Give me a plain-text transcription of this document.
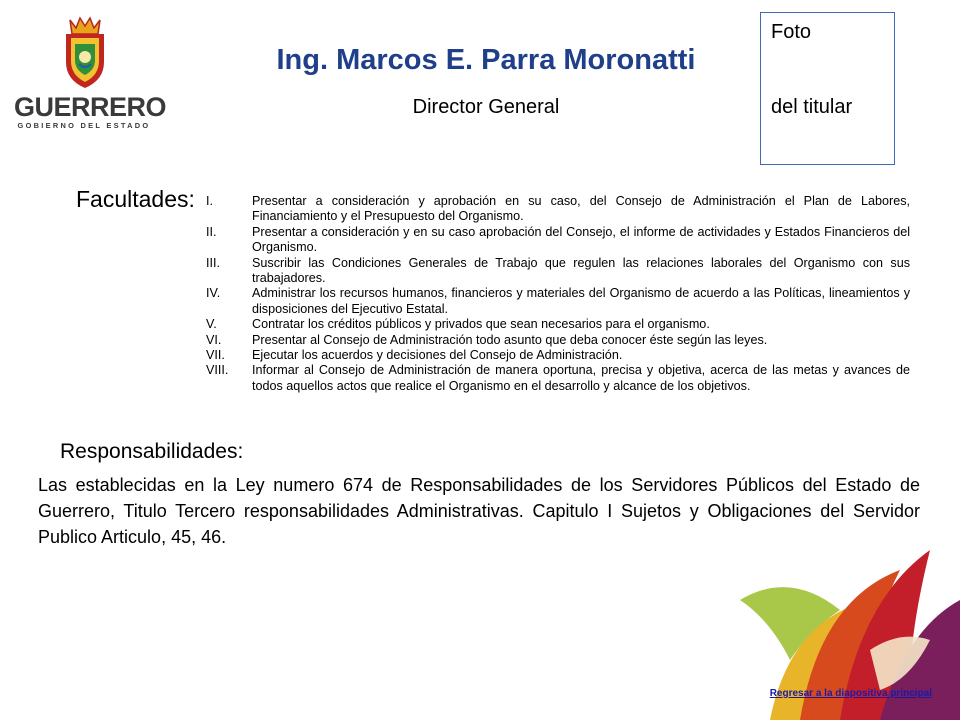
GUERRERO
GOBIERNO DEL ESTADO
Ing. Marcos E. Parra Moronatti
Director General
Foto
del titular
Facultades: I.	Presentar a consideración y aprobación en su caso, del Consejo de Administración el Plan de Labores, Financiamiento y el Presupuesto del Organismo.
II.	Presentar a consideración y en su caso aprobación del Consejo, el informe de actividades y Estados Financieros del Organismo.
III.	Suscribir las Condiciones Generales de Trabajo que regulen las relaciones laborales del Organismo con sus trabajadores.
IV.	Administrar los recursos humanos, financieros y materiales del Organismo de acuerdo a las Políticas, lineamientos y disposiciones del Ejecutivo Estatal.
V.	Contratar los créditos públicos y privados que sean necesarios para el organismo.
VI.	Presentar al Consejo de Administración todo asunto que deba conocer éste según las leyes.
VII.	Ejecutar los acuerdos y decisiones del Consejo de Administración.
VIII.	Informar al Consejo de Administración de manera oportuna, precisa y objetiva, acerca de las metas y avances de todos aquellos actos que realice el Organismo en el desarrollo y alcance de los objetivos.
Responsabilidades:
Las establecidas en la Ley numero 674 de Responsabilidades de los Servidores Públicos del Estado de Guerrero, Titulo Tercero responsabilidades Administrativas. Capitulo I Sujetos y Obligaciones del Servidor Publico Articulo, 45, 46.
Regresar a la diapositiva principal
